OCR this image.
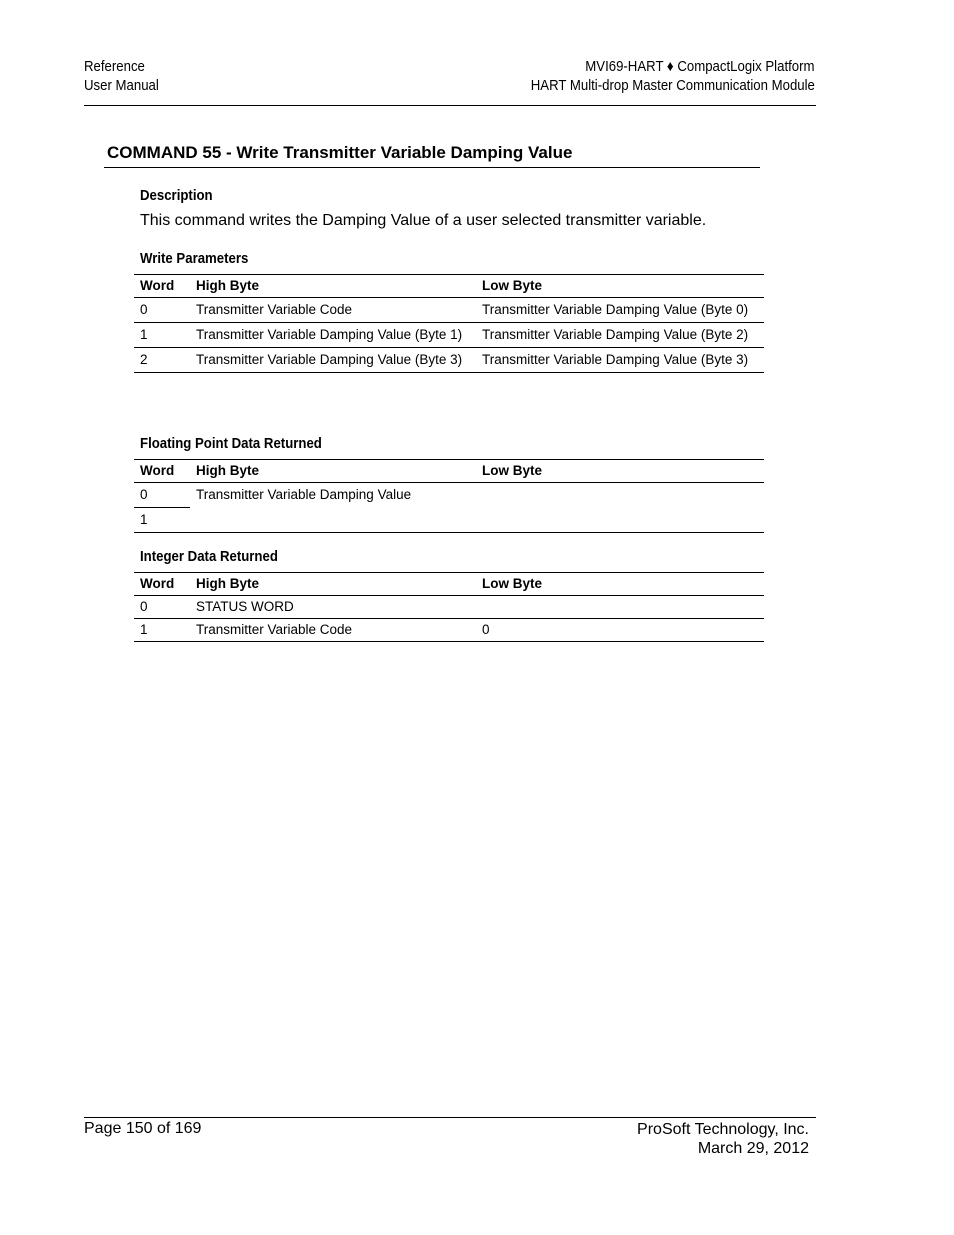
Reference
User Manual
MVI69-HART ♦ CompactLogix Platform
HART Multi-drop Master Communication Module
COMMAND 55 - Write Transmitter Variable Damping Value
Description
This command writes the Damping Value of a user selected transmitter variable.
Write Parameters
Word	High Byte	Low Byte
0	Transmitter Variable Code	Transmitter Variable Damping Value (Byte 0)
1	Transmitter Variable Damping Value (Byte 1)	Transmitter Variable Damping Value (Byte 2)
2	Transmitter Variable Damping Value (Byte 3)	Transmitter Variable Damping Value (Byte 3)
Floating Point Data Returned
Word	High Byte	Low Byte
0	Transmitter Variable Damping Value	
1		
Integer Data Returned
Word	High Byte	Low Byte
0	STATUS WORD	
1	Transmitter Variable Code	0
Page 150 of 169	ProSoft Technology, Inc.
March 29, 2012
